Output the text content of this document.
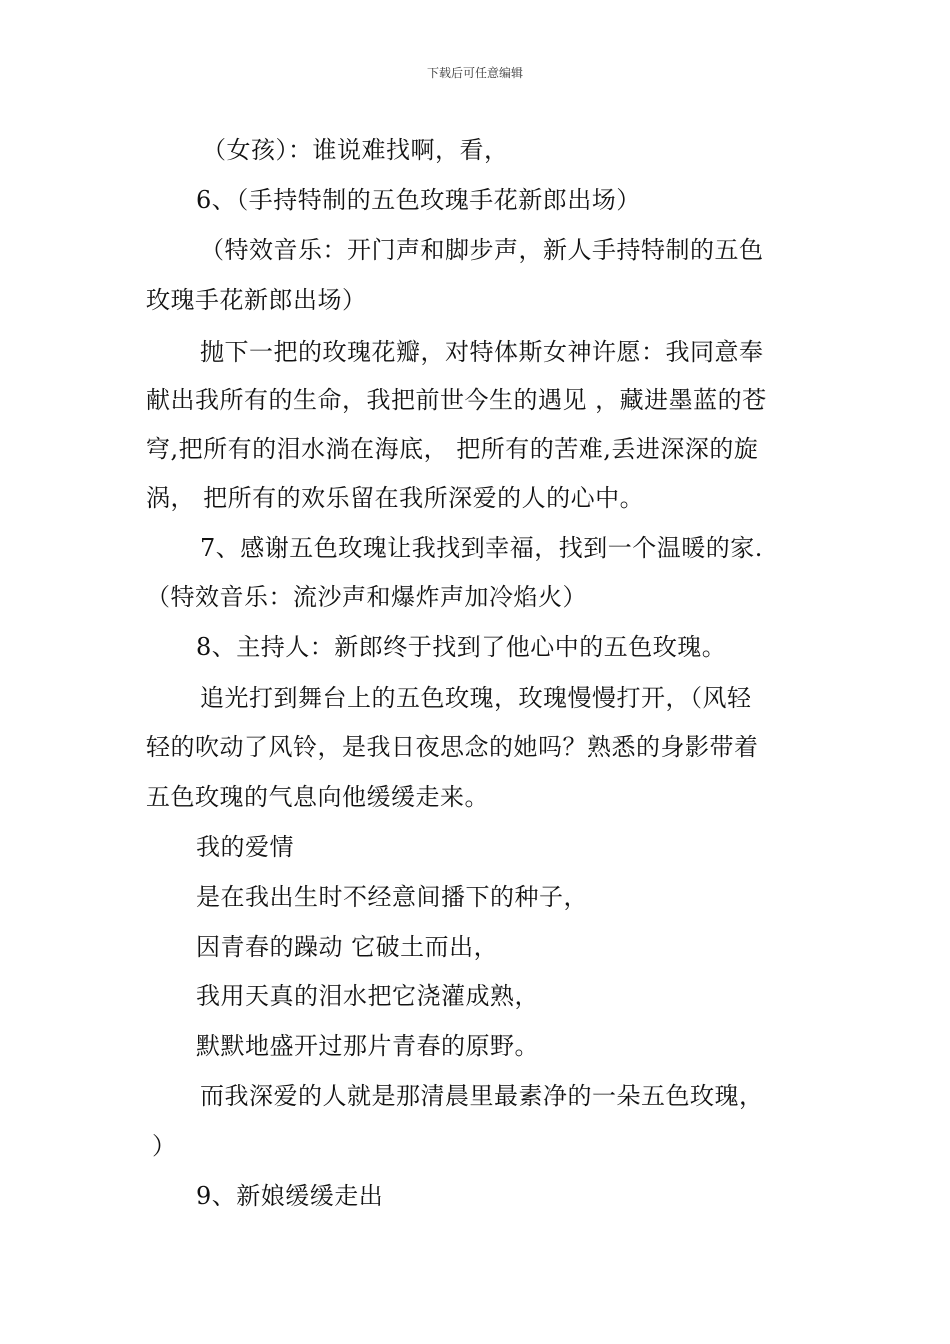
下载后可任意编辑
（女孩）：谁说难找啊，看，
6、（手持特制的五色玫瑰手花新郎出场）
（特效音乐：开门声和脚步声，新人手持特制的五色
玫瑰手花新郎出场）
抛下一把的玫瑰花瓣，对特体斯女神许愿：我同意奉
献出我所有的生命，我把前世今生的遇见 ，藏进墨蓝的苍
穹,把所有的泪水淌在海底， 把所有的苦难,丢进深深的旋
涡， 把所有的欢乐留在我所深爱的人的心中。
7、感谢五色玫瑰让我找到幸福，找到一个温暖的家.
（特效音乐：流沙声和爆炸声加冷焰火）
8、主持人：新郎终于找到了他心中的五色玫瑰。
追光打到舞台上的五色玫瑰，玫瑰慢慢打开，（风轻
轻的吹动了风铃，是我日夜思念的她吗？熟悉的身影带着
五色玫瑰的气息向他缓缓走来。
我的爱情
是在我出生时不经意间播下的种子，
因青春的躁动 它破土而出，
我用天真的泪水把它浇灌成熟，
默默地盛开过那片青春的原野。
而我深爱的人就是那清晨里最素净的一朵五色玫瑰，
）
9、新娘缓缓走出
